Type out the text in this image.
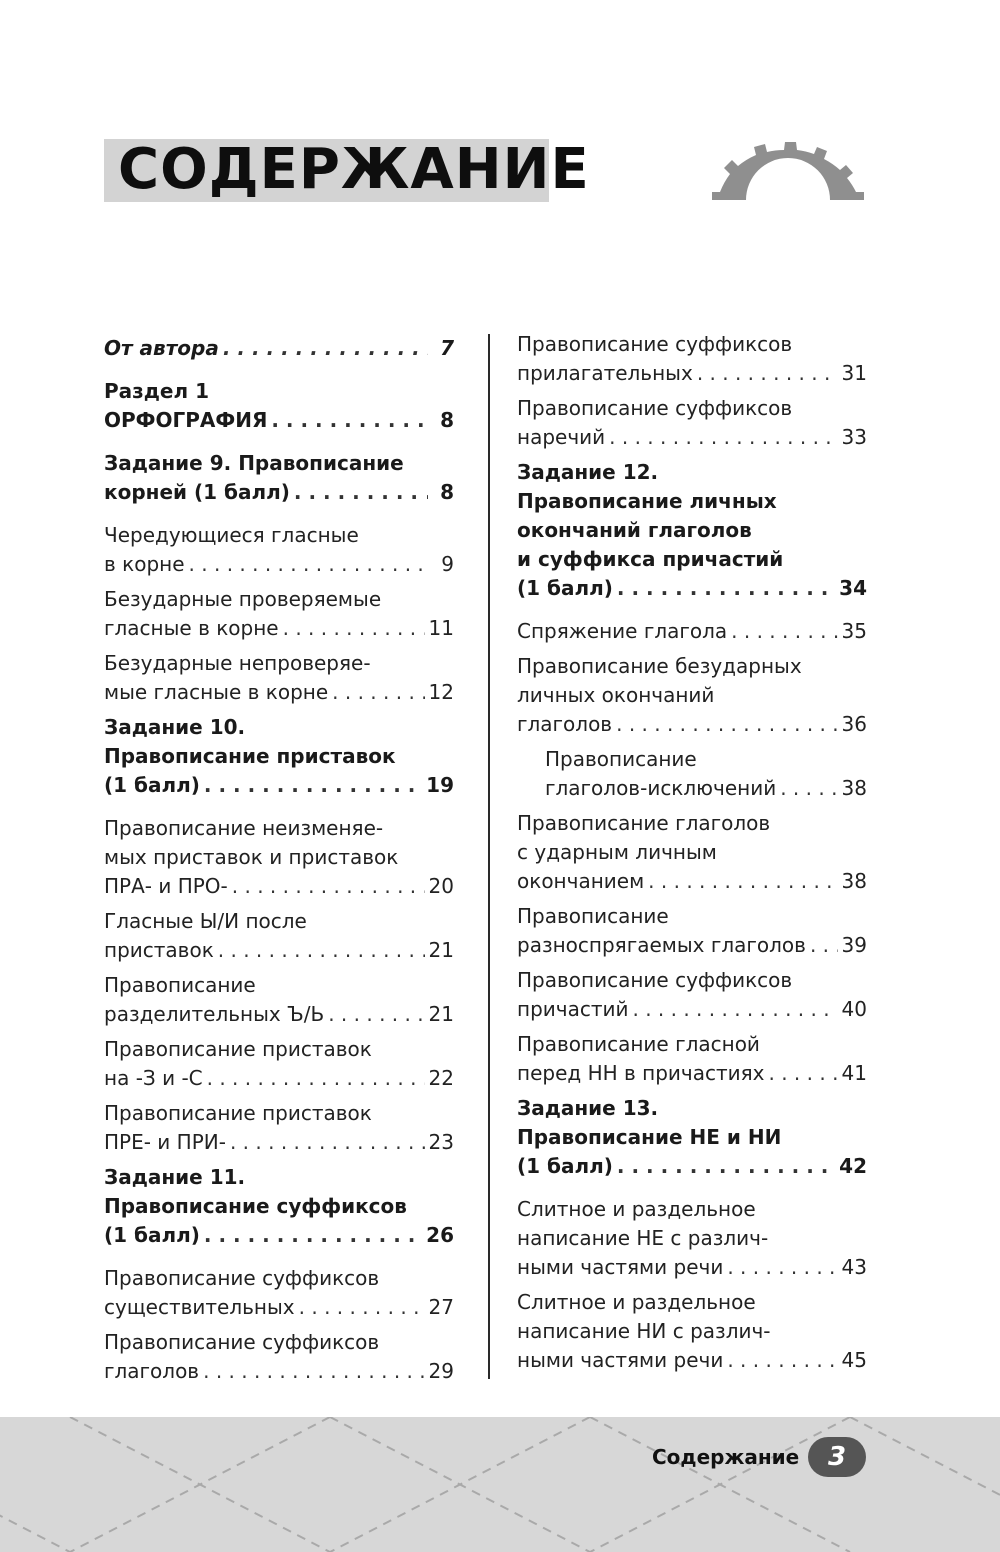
СОДЕРЖАНИЕ
От автора . . .	7
Раздел 1
ОРФОГРАФИЯ . . .	8
Задание 9. Правописание
корней (1 балл) . . .	8
Чередующиеся гласные
в корне . . .	9
Безударные проверяемые
гласные в корне . . .	11
Безударные непроверяе-
мые гласные в корне . . .	12
Задание 10.
Правописание приставок
(1 балл) . . .	19
Правописание неизменяе-
мых приставок и приставок
ПРА- и ПРО- . . .	20
Гласные Ы/И после
приставок . . .	21
Правописание
разделительных Ъ/Ь . . .	21
Правописание приставок
на -З и -С . . .	22
Правописание приставок
ПРЕ- и ПРИ- . . .	23
Задание 11.
Правописание суффиксов
(1 балл) . . .	26
Правописание суффиксов
существительных . . .	27
Правописание суффиксов
глаголов . . .	29
Правописание суффиксов
прилагательных . . .	31
Правописание суффиксов
наречий . . .	33
Задание 12.
Правописание личных
окончаний глаголов
и суффикса причастий
(1 балл) . . .	34
Спряжение глагола . . .	35
Правописание безударных
личных окончаний
глаголов . . .	36
Правописание
глаголов-исключений . . .	38
Правописание глаголов
с ударным личным
окончанием . . .	38
Правописание
разноспрягаемых глаголов . . . 39
Правописание суффиксов
причастий . . .	40
Правописание гласной
перед НН в причастиях . . .	41
Задание 13.
Правописание НЕ и НИ
(1 балл) . . .	42
Слитное и раздельное
написание НЕ с различ-
ными частями речи . . .	43
Слитное и раздельное
написание НИ с различ-
ными частями речи . . .	45
Содержание	3
